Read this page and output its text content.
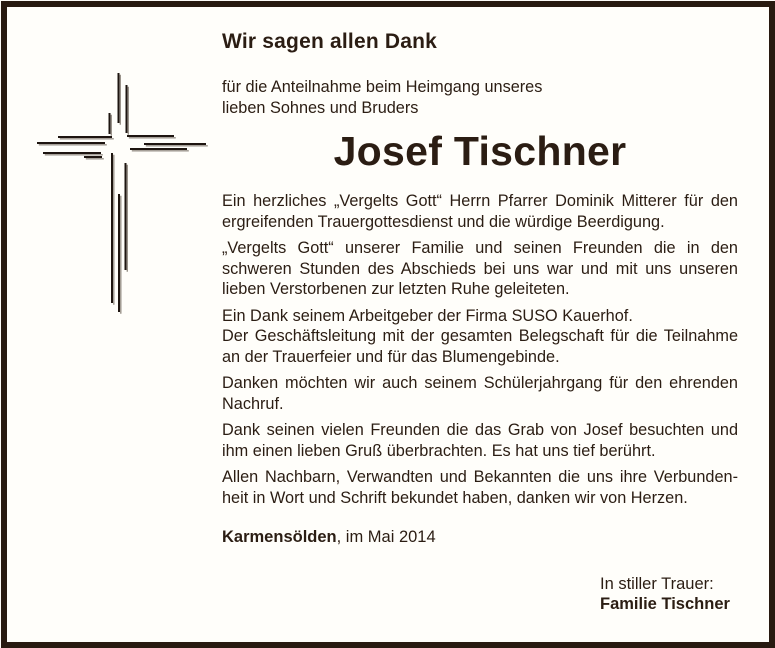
Wir sagen allen Dank
für die Anteilnahme beim Heimgang unseres
lieben Sohnes und Bruders
Josef Tischner
Ein herzliches „Vergelts Gott“ Herrn Pfarrer Dominik Mitterer für den
ergreifenden Trauergottesdienst und die würdige Beerdigung.
„Vergelts Gott“ unserer Familie und seinen Freunden die in den
schweren Stunden des Abschieds bei uns war und mit uns unseren
lieben Verstorbenen zur letzten Ruhe geleiteten.
Ein Dank seinem Arbeitgeber der Firma SUSO Kauerhof.
Der Geschäftsleitung mit der gesamten Belegschaft für die Teilnahme
an der Trauerfeier und für das Blumengebinde.
Danken möchten wir auch seinem Schülerjahrgang für den ehrenden
Nachruf.
Dank seinen vielen Freunden die das Grab von Josef besuchten und
ihm einen lieben Gruß überbrachten. Es hat uns tief berührt.
Allen Nachbarn, Verwandten und Bekannten die uns ihre Verbunden-
heit in Wort und Schrift bekundet haben, danken wir von Herzen.
Karmensölden, im Mai 2014
In stiller Trauer:
Familie Tischner
